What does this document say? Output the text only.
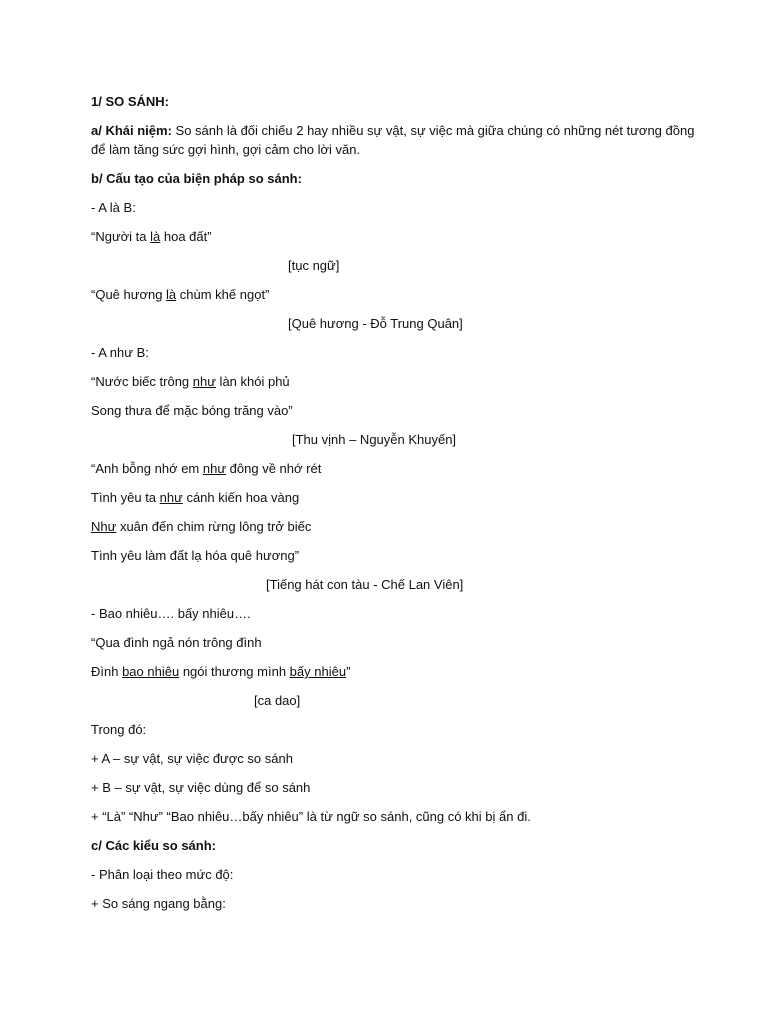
1/ SO SÁNH:
a/ Khái niệm: So sánh là đối chiếu 2 hay nhiều sự vật, sự việc mà giữa chúng có những nét tương đồng
để làm tăng sức gợi hình, gợi cảm cho lời văn.
b/ Cấu tạo của biện pháp so sánh:
- A là B:
“Người ta là hoa đất”
[tục ngữ]
“Quê hương là chùm khế ngọt”
[Quê hương - Đỗ Trung Quân]
- A như B:
“Nước biếc trông như làn khói phủ
Song thưa để mặc bóng trăng vào”
[Thu vịnh – Nguyễn Khuyến]
“Anh bỗng nhớ em như đông về nhớ rét
Tình yêu ta như cánh kiến hoa vàng
Như xuân đến chim rừng lông trở biếc
Tình yêu làm đất lạ hóa quê hương”
[Tiếng hát con tàu - Chế Lan Viên]
- Bao nhiêu…. bấy nhiêu….
“Qua đình ngả nón trông đình
Đình bao nhiêu ngói thương mình bấy nhiêu”
[ca dao]
Trong đó:
+ A – sự vật, sự việc được so sánh
+ B – sự vật, sự việc dùng để so sánh
+ “Là” “Như” “Bao nhiêu…bấy nhiêu” là từ ngữ so sánh, cũng có khi bị ẩn đi.
c/ Các kiểu so sánh:
- Phân loại theo mức độ:
+ So sáng ngang bằng:
